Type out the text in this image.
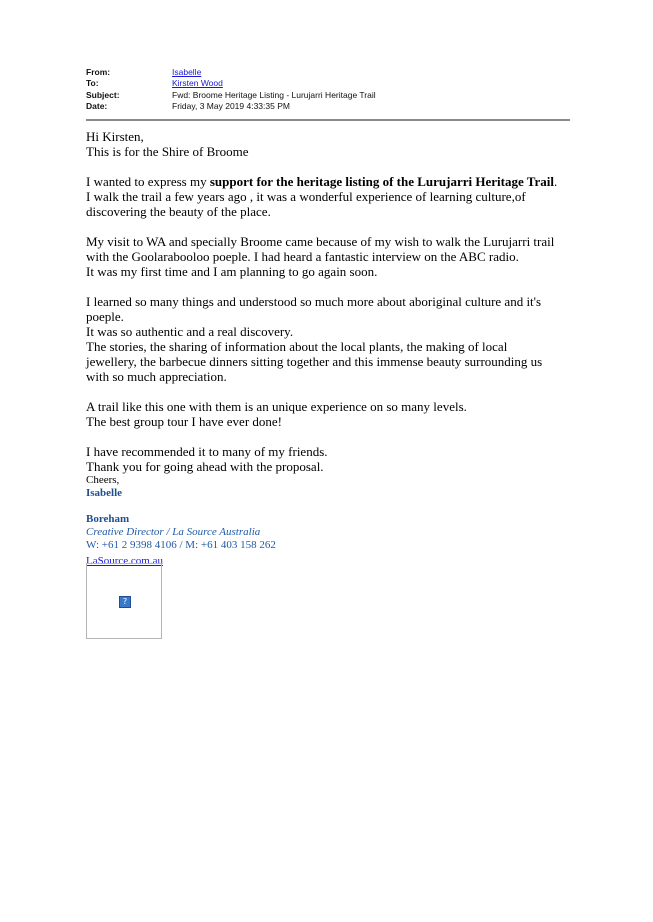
From:	Isabelle
To:	Kirsten Wood
Subject:	Fwd: Broome Heritage Listing - Lurujarri Heritage Trail
Date:	Friday, 3 May 2019 4:33:35 PM

Hi Kirsten,

This is for the Shire of Broome

I wanted to express my support for the heritage listing of the Lurujarri Heritage Trail.

I walk the trail a few years ago , it was a wonderful experience of learning culture,of

discovering the beauty of the place.

My visit to WA and specially Broome came because of my wish to walk the Lurujarri trail

with the Goolarabooloo poeple. I had heard a fantastic interview on the ABC radio.

It was my first time and I am planning to go again soon.

I learned so many things and understood so much more about aboriginal culture and it's

poeple.

It was so authentic and a real discovery.

The stories, the sharing of information about the local plants, the making of local

jewellery, the barbecue dinners sitting together and this immense beauty surrounding us

with so much appreciation.

A trail like this one with them is an unique experience on so many levels.

The best group tour I have ever done!

I have recommended it to many of my friends.

Thank you for going ahead with the proposal.

Cheers,

Isabelle

Boreham

Creative Director / La Source Australia

W: +61 2 9398 4106 / M: +61 403 158 262

LaSource.com.au

?
